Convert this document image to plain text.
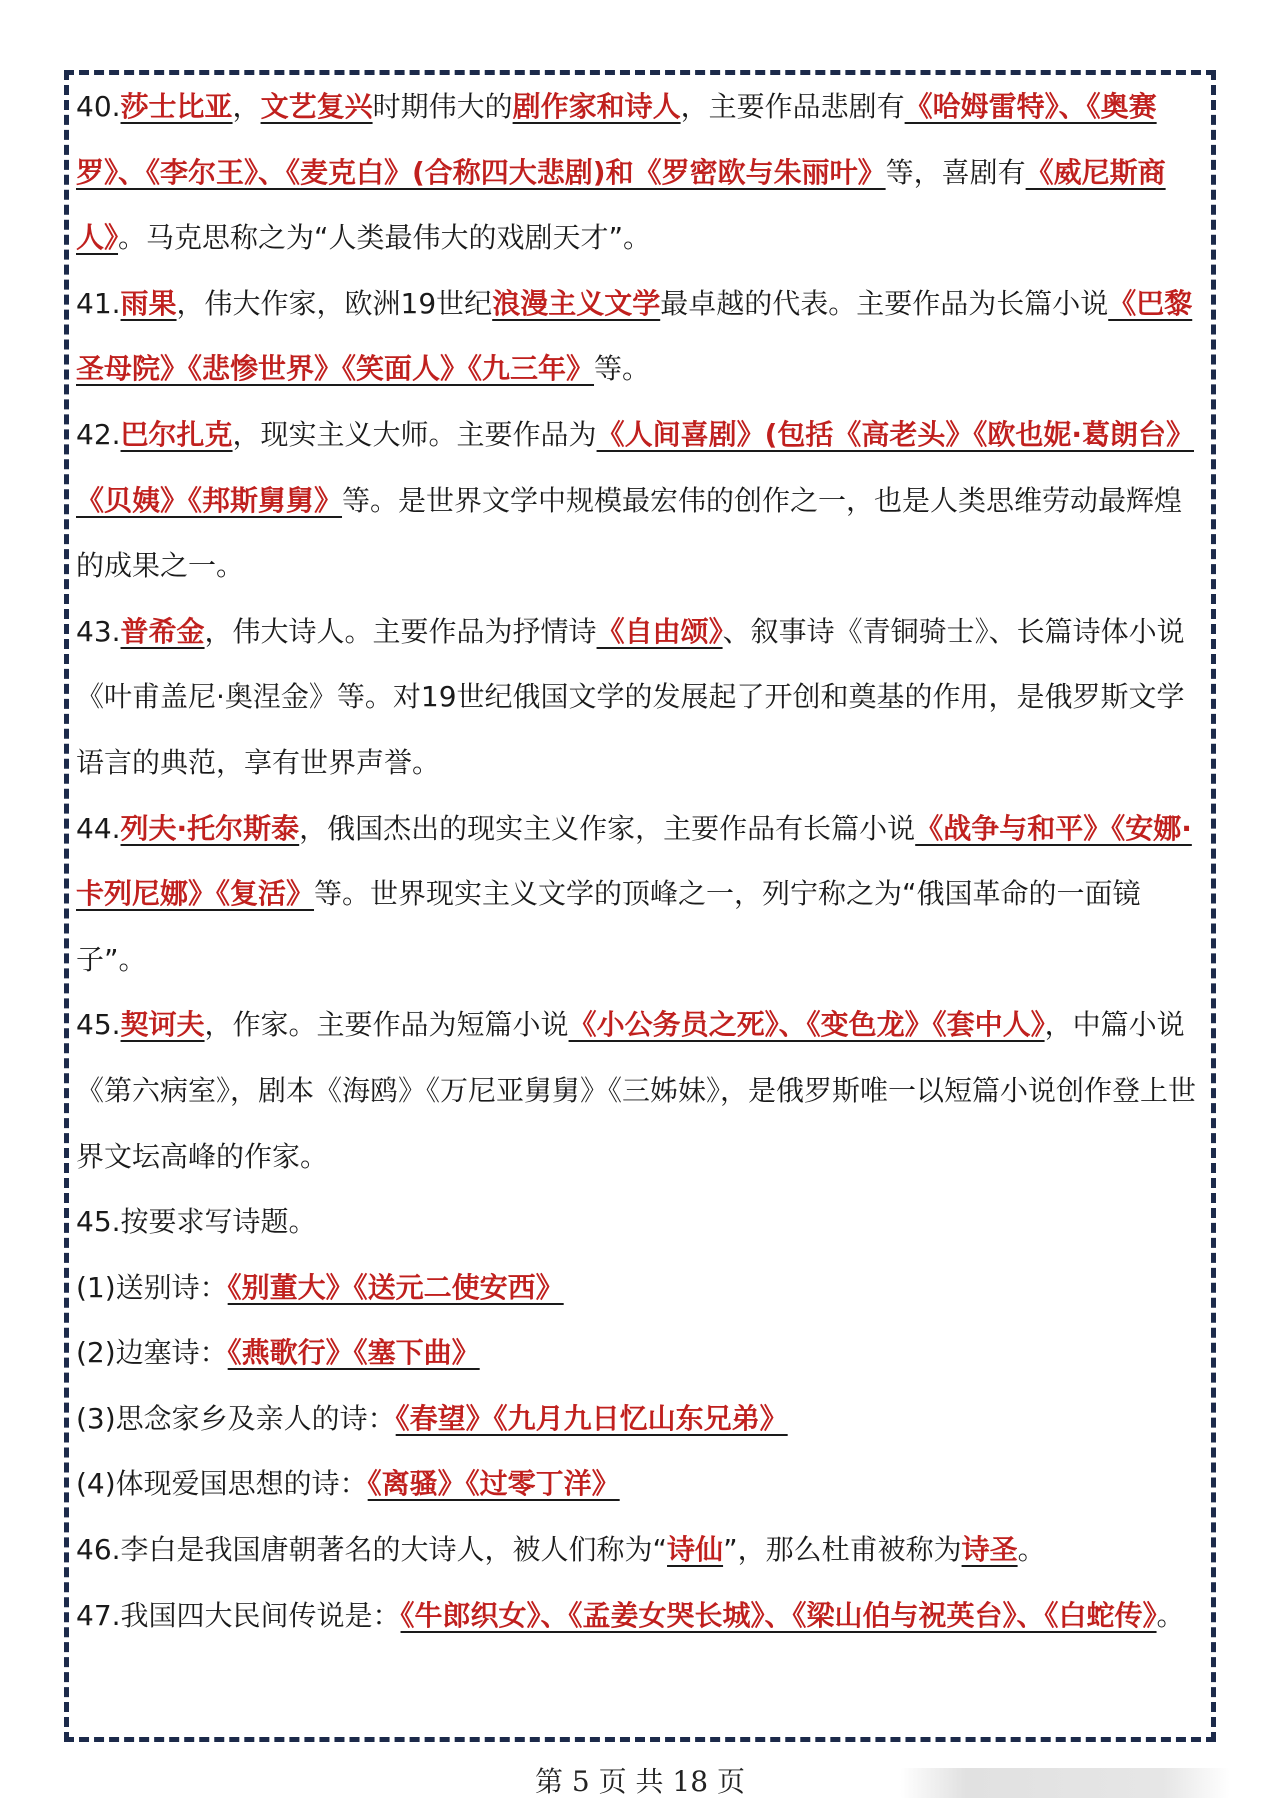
40.莎士比亚，文艺复兴时期伟大的剧作家和诗人，主要作品悲剧有《哈姆雷特》、《奥赛罗》、《李尔王》、《麦克白》(合称四大悲剧)和《罗密欧与朱丽叶》等，喜剧有《威尼斯商人》。马克思称之为“人类最伟大的戏剧天才”。

41.雨果，伟大作家，欧洲19世纪浪漫主义文学最卓越的代表。主要作品为长篇小说《巴黎圣母院》《悲惨世界》《笑面人》《九三年》等。

42.巴尔扎克，现实主义大师。主要作品为《人间喜剧》(包括《高老头》《欧也妮·葛朗台》《贝姨》《邦斯舅舅》等。是世界文学中规模最宏伟的创作之一，也是人类思维劳动最辉煌的成果之一。

43.普希金，伟大诗人。主要作品为抒情诗《自由颂》、叙事诗《青铜骑士》、长篇诗体小说《叶甫盖尼·奥涅金》等。对19世纪俄国文学的发展起了开创和奠基的作用，是俄罗斯文学语言的典范，享有世界声誉。

44.列夫·托尔斯泰，俄国杰出的现实主义作家，主要作品有长篇小说《战争与和平》《安娜·卡列尼娜》《复活》等。世界现实主义文学的顶峰之一，列宁称之为“俄国革命的一面镜子”。

45.契诃夫，作家。主要作品为短篇小说《小公务员之死》、《变色龙》《套中人》，中篇小说《第六病室》，剧本《海鸥》《万尼亚舅舅》《三姊妹》，是俄罗斯唯一以短篇小说创作登上世界文坛高峰的作家。

45.按要求写诗题。

(1)送别诗：《别董大》《送元二使安西》

(2)边塞诗：《燕歌行》《塞下曲》

(3)思念家乡及亲人的诗：《春望》《九月九日忆山东兄弟》

(4)体现爱国思想的诗：《离骚》《过零丁洋》

46.李白是我国唐朝著名的大诗人，被人们称为“诗仙”，那么杜甫被称为诗圣。

47.我国四大民间传说是：《牛郎织女》、《孟姜女哭长城》、《梁山伯与祝英台》、《白蛇传》。

第 5 页 共 18 页
